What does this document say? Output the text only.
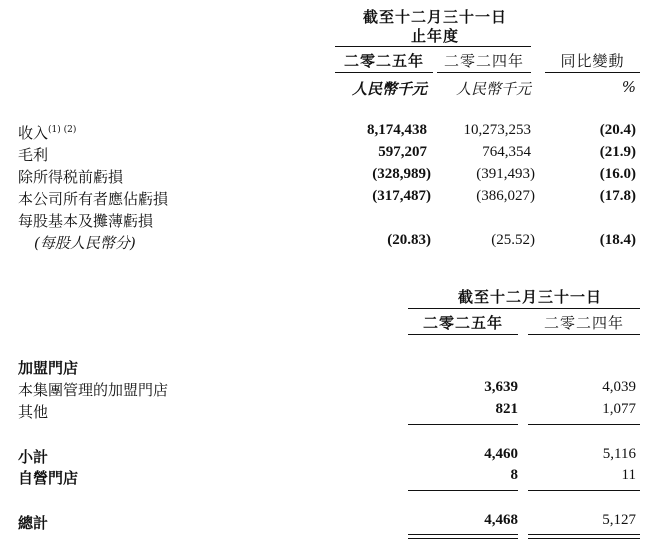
截至十二月三十一日
止年度
二零二五年	二零二四年	同比變動
人民幣千元	人民幣千元	%
收入$^{(1) (2)}$	8,174,438	10,273,253	(20.4)
毛利	597,207	764,354	(21.9)
除所得税前虧損	(328,989)	(391,493)	(16.0)
本公司所有者應佔虧損	(317,487)	(386,027)	(17.8)
每股基本及攤薄虧損
(每股人民幣分)	(20.83)	(25.52)	(18.4)
截至十二月三十一日
二零二五年	二零二四年
加盟門店
本集團管理的加盟門店	3,639	4,039
其他	821	1,077
小計	4,460	5,116
自營門店	8	11
總計	4,468	5,127
